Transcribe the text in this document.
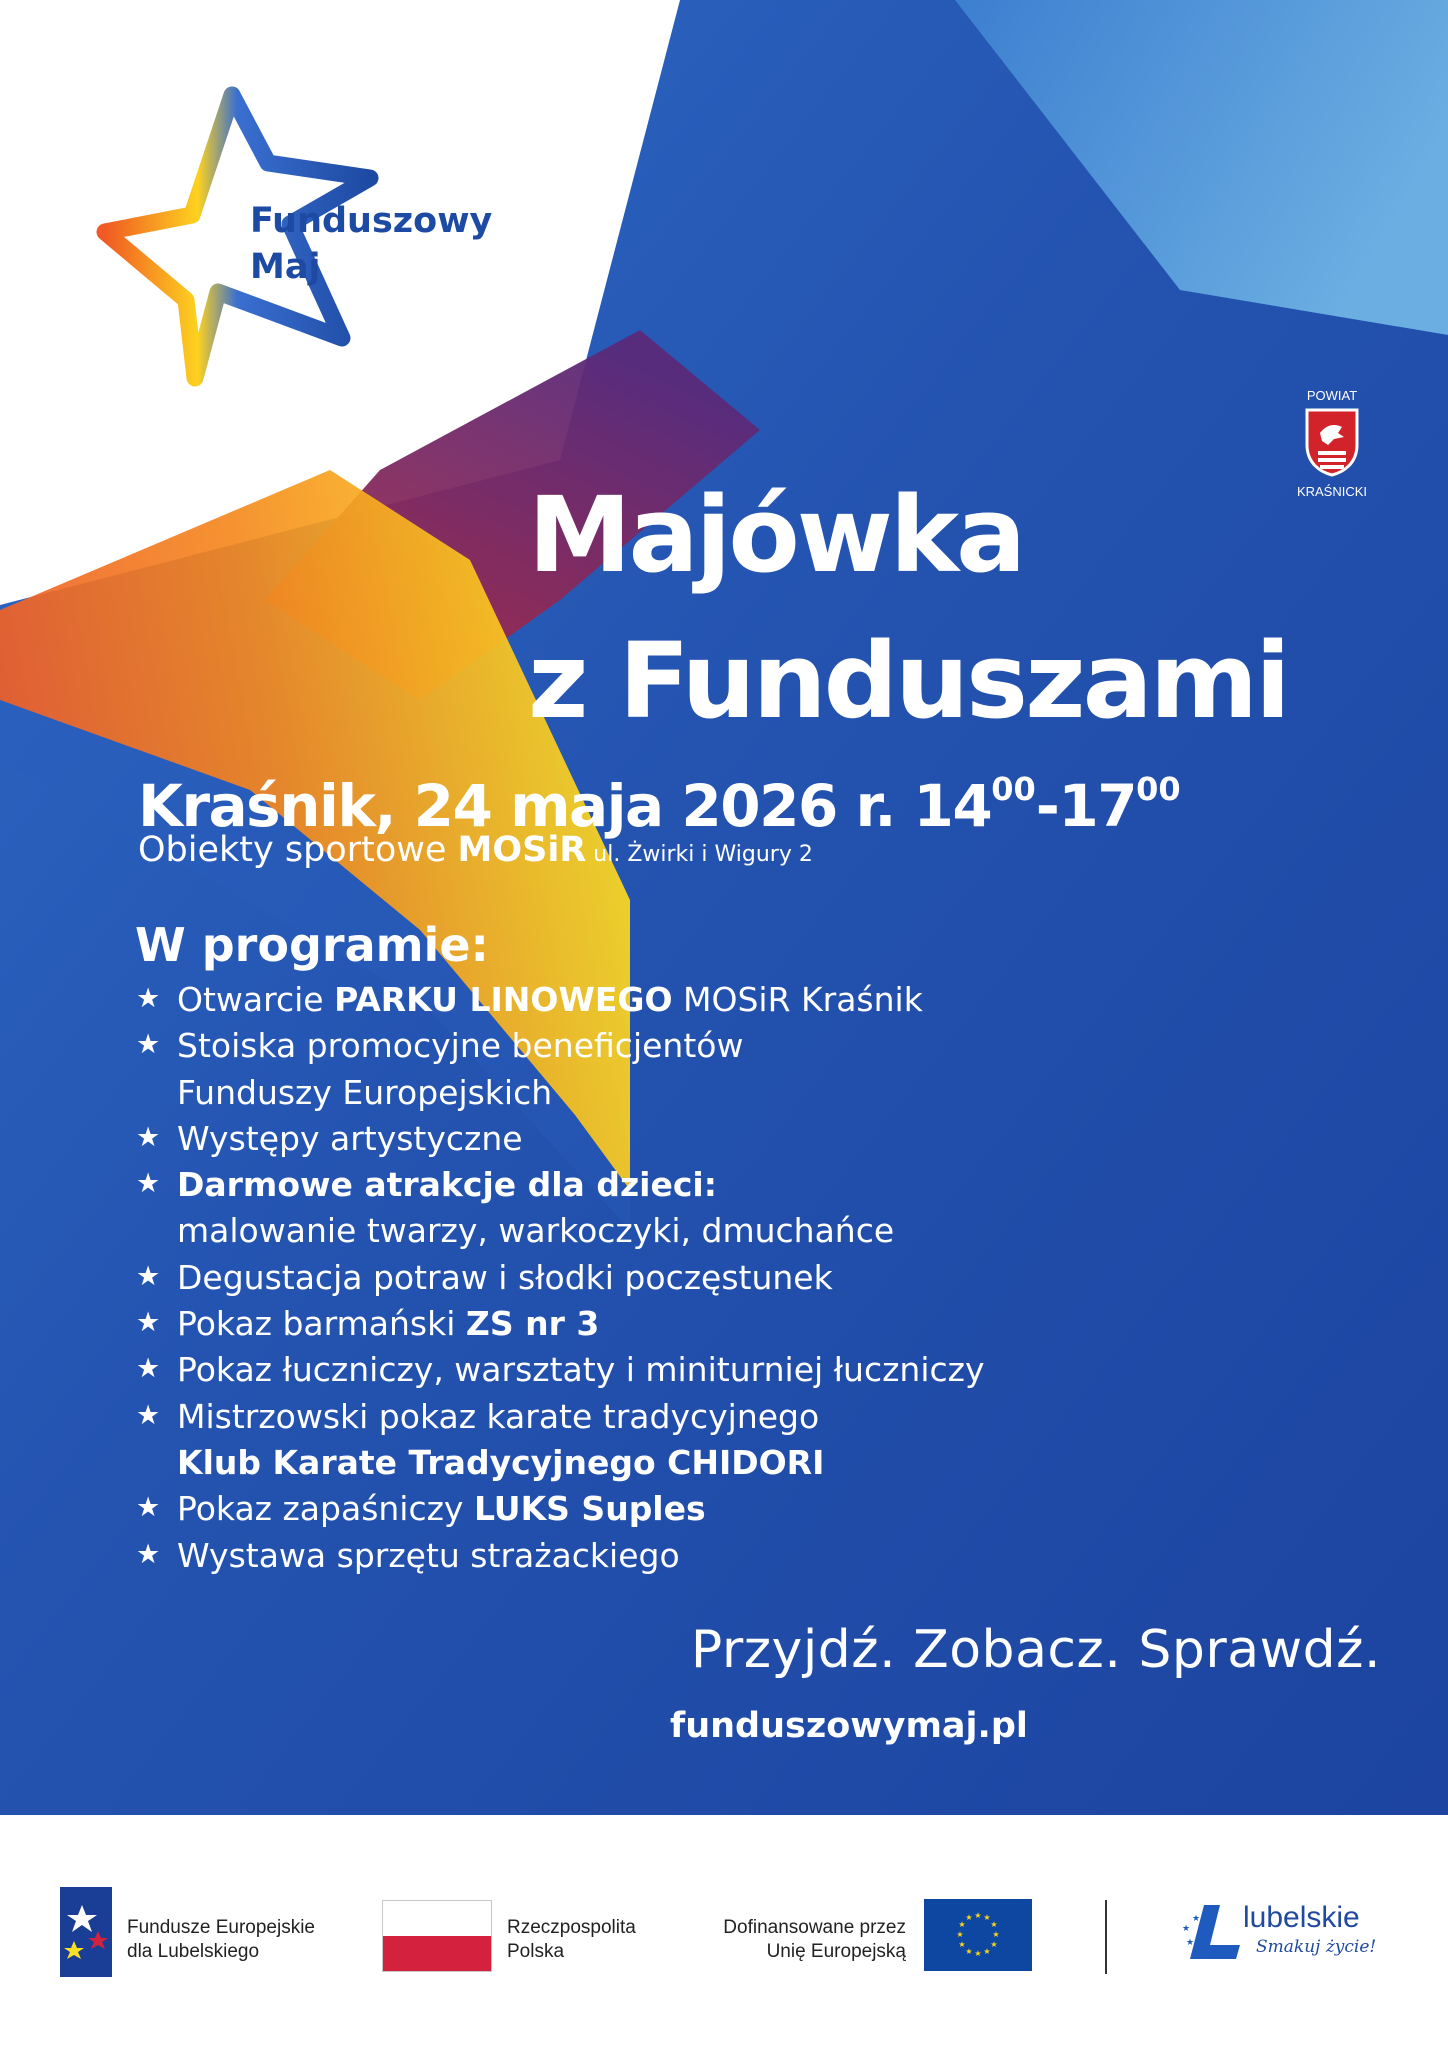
Funduszowy
Maj
POWIAT
KRAŚNICKI
Majówka
z Funduszami
Kraśnik, 24 maja 2026 r. $14^{00}-17^{00}$
Obiekty sportowe MOSiR ul. Żwirki i Wigury 2
W programie:
★ Otwarcie PARKU LINOWEGO MOSiR Kraśnik
★ Stoiska promocyjne beneficjentów
Funduszy Europejskich
★ Występy artystyczne
★ Darmowe atrakcje dla dzieci:
malowanie twarzy, warkoczyki, dmuchańce
★ Degustacja potraw i słodki poczęstunek
★ Pokaz barmański ZS nr 3
★ Pokaz łuczniczy, warsztaty i miniturniej łuczniczy
★ Mistrzowski pokaz karate tradycyjnego
Klub Karate Tradycyjnego CHIDORI
★ Pokaz zapaśniczy LUKS Suples
★ Wystawa sprzętu strażackiego
Przyjdź. Zobacz. Sprawdź.
funduszowymaj.pl
Fundusze Europejskie
dla Lubelskiego
Rzeczpospolita
Polska
Dofinansowane przez
Unię Europejską
★ ★
★
★
★
★
★
★
★
★
★
★
★
★
★ lubelskie
Smakuj życie!
